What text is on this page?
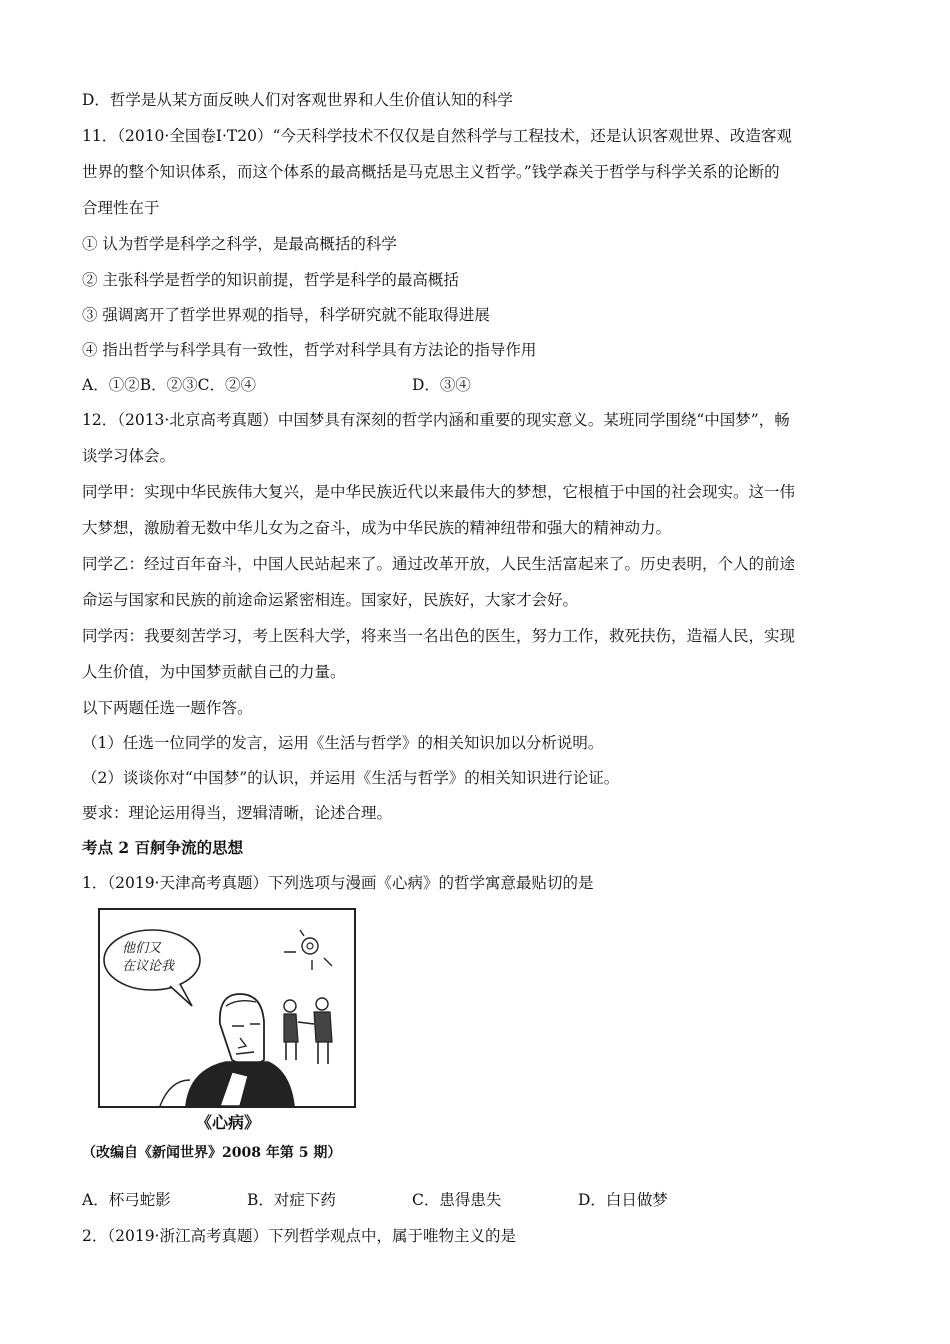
D．哲学是从某方面反映人们对客观世界和人生价值认知的科学
11．（2010·全国卷Ⅰ·T20）“今天科学技术不仅仅是自然科学与工程技术，还是认识客观世界、改造客观
世界的整个知识体系，而这个体系的最高概括是马克思主义哲学。”钱学森关于哲学与科学关系的论断的
合理性在于
① 认为哲学是科学之科学，是最高概括的科学
② 主张科学是哲学的知识前提，哲学是科学的最高概括
③ 强调离开了哲学世界观的指导，科学研究就不能取得进展
④ 指出哲学与科学具有一致性，哲学对科学具有方法论的指导作用
A．①②B．②③C．②④	D．③④
12．（2013·北京高考真题）中国梦具有深刻的哲学内涵和重要的现实意义。某班同学围绕“中国梦”，畅
谈学习体会。
同学甲：实现中华民族伟大复兴，是中华民族近代以来最伟大的梦想，它根植于中国的社会现实。这一伟
大梦想，激励着无数中华儿女为之奋斗，成为中华民族的精神纽带和强大的精神动力。
同学乙：经过百年奋斗，中国人民站起来了。通过改革开放，人民生活富起来了。历史表明，个人的前途
命运与国家和民族的前途命运紧密相连。国家好，民族好，大家才会好。
同学丙：我要刻苦学习，考上医科大学，将来当一名出色的医生，努力工作，救死扶伤，造福人民，实现
人生价值，为中国梦贡献自己的力量。
以下两题任选一题作答。
（1）任选一位同学的发言，运用《生活与哲学》的相关知识加以分析说明。
（2）谈谈你对“中国梦”的认识，并运用《生活与哲学》的相关知识进行论证。
要求：理论运用得当，逻辑清晰，论述合理。
考点 2 百舸争流的思想
1．（2019·天津高考真题）下列选项与漫画《心病》的哲学寓意最贴切的是
他们又
在议论我
《心病》
（改编自《新闻世界》2008 年第 5 期）
A．杯弓蛇影	B．对症下药	C．患得患失	D．白日做梦
2．（2019·浙江高考真题）下列哲学观点中，属于唯物主义的是
